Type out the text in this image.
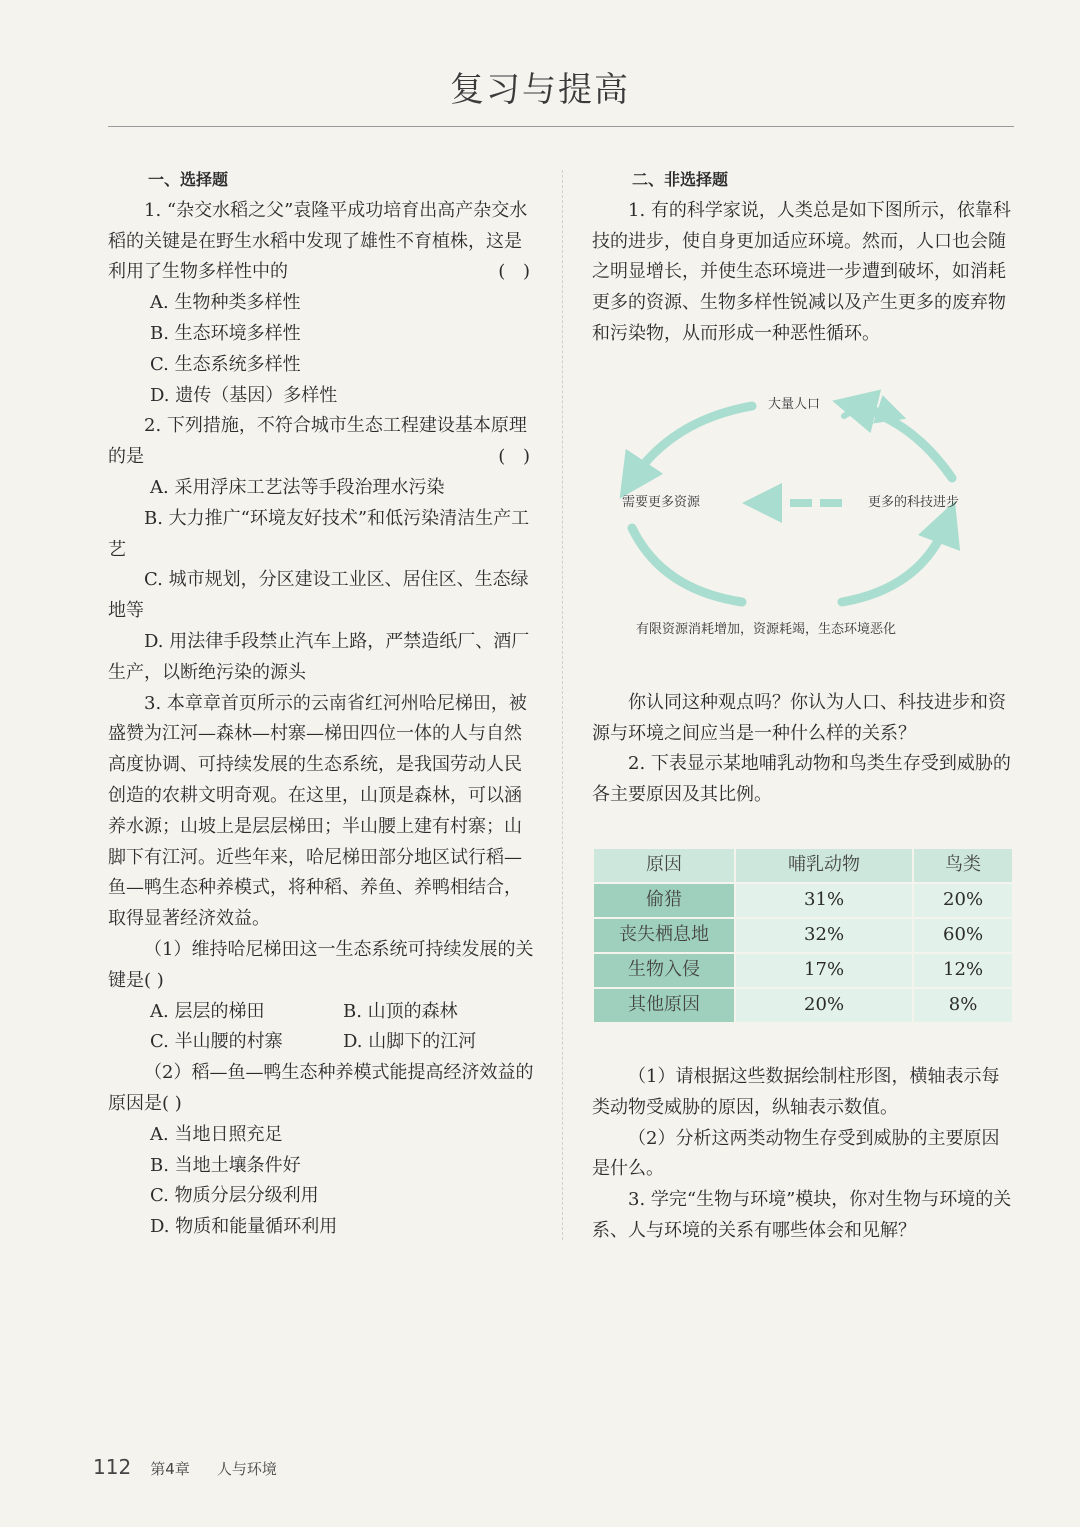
复习与提高

一、选择题

1. “杂交水稻之父”袁隆平成功培育出高产杂交水稻的关键是在野生水稻中发现了雄性不育植株，这是利用了生物多样性中的	( )

A. 生物种类多样性

B. 生态环境多样性

C. 生态系统多样性

D. 遗传（基因）多样性

2. 下列措施，不符合城市生态工程建设基本原理的是	( )

A. 采用浮床工艺法等手段治理水污染

B. 大力推广“环境友好技术”和低污染清洁生产工艺

C. 城市规划，分区建设工业区、居住区、生态绿地等

D. 用法律手段禁止汽车上路，严禁造纸厂、酒厂生产，以断绝污染的源头

3. 本章章首页所示的云南省红河州哈尼梯田，被盛赞为江河—森林—村寨—梯田四位一体的人与自然高度协调、可持续发展的生态系统，是我国劳动人民创造的农耕文明奇观。在这里，山顶是森林，可以涵养水源；山坡上是层层梯田；半山腰上建有村寨；山脚下有江河。近些年来，哈尼梯田部分地区试行稻—鱼—鸭生态种养模式，将种稻、养鱼、养鸭相结合，取得显著经济效益。

（1）维持哈尼梯田这一生态系统可持续发展的关键是( )

A. 层层的梯田	B. 山顶的森林

C. 半山腰的村寨	D. 山脚下的江河

（2）稻—鱼—鸭生态种养模式能提高经济效益的原因是( )

A. 当地日照充足

B. 当地土壤条件好

C. 物质分层分级利用

D. 物质和能量循环利用

二、非选择题

1. 有的科学家说，人类总是如下图所示，依靠科技的进步，使自身更加适应环境。然而，人口也会随之明显增长，并使生态环境进一步遭到破坏，如消耗更多的资源、生物多样性锐减以及产生更多的废弃物和污染物，从而形成一种恶性循环。

大量人口
需要更多资源	更多的科技进步
有限资源消耗增加，资源耗竭，生态环境恶化

你认同这种观点吗？你认为人口、科技进步和资源与环境之间应当是一种什么样的关系？

2. 下表显示某地哺乳动物和鸟类生存受到威胁的各主要原因及其比例。

原因	哺乳动物	鸟类
偷猎	31%	20%
丧失栖息地	32%	60%
生物入侵	17%	12%
其他原因	20%	8%

（1）请根据这些数据绘制柱形图，横轴表示每类动物受威胁的原因，纵轴表示数值。

（2）分析这两类动物生存受到威胁的主要原因是什么。

3. 学完“生物与环境”模块，你对生物与环境的关系、人与环境的关系有哪些体会和见解？

112 第4章 人与环境
